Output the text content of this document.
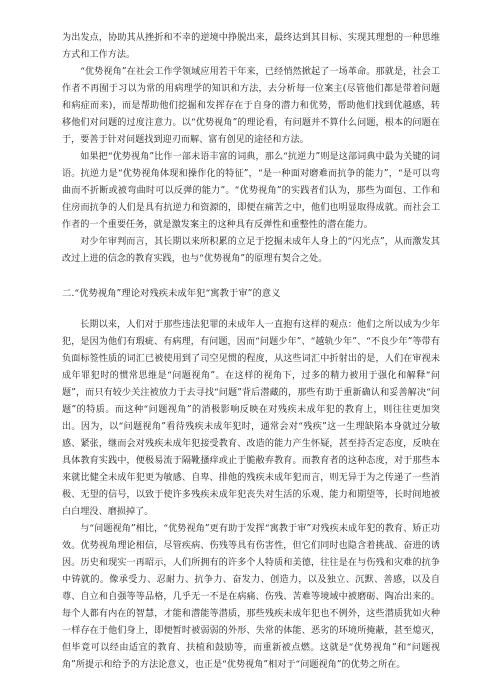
为出发点，协助其从挫折和不幸的逆境中挣脱出来，最终达到其目标、实现其理想的一种思维方式和工作方法。

“优势视角”在社会工作学领域应用若干年来，已经悄然掀起了一场革命。那就是，社会工作者不再囿于习以为常的用病理学的知识和方法，去分析每一位案主(尽管他们都是带着问题和病症而来)，而是帮助他们挖掘和发挥存在于自身的潜力和优势，帮助他们找到优越感，转移他们对问题的过度注意力。以“优势视角”的理论看，有问题并不算什么问题，根本的问题在于，要善于针对问题找到迎刃而解、富有创见的途径和方法。

如果把“优势视角”比作一部未语丰富的词典，那么“抗逆力”则是这部词典中最为关键的词语。抗逆力是“优势视角体现和操作化的特征”，“是一种面对磨难而抗争的能力”，“是可以弯曲而不折断或被弯曲时可以反弹的能力”。“优势视角”的实践者们认为，那些为面包、工作和住房而抗争的人们是具有抗逆力和资源的，即便在痛苦之中，他们也明显取得成就。而社会工作者的一个重要任务，就是激发案主的这种具有反弹性和重整性的潜在能力。

对少年审判而言，其长期以来所积累的立足于挖掘未成年人身上的“闪光点”，从而激发其改过上进的信念的教育实践，也与“优势视角”的原理有契合之处。

二.“优势视角”理论对残疾未成年犯“寓教于审”的意义

长期以来，人们对于那些违法犯罪的未成年人一直抱有这样的观点：他们之所以成为少年犯，是因为他们有瑕疵、有病理，有问题，因而“问题少年”、“越轨少年”、“不良少年”等带有负面标签性质的词汇已被使用到了司空见惯的程度，从这些词汇中折射出的是，人们在审视未成年罪犯时的惯常思维是“问题视角”。在这样的视角下，过多的精力被用于强化和解释“问题”，而只有较少关注被放力于去寻找“问题”背后潜藏的，那些有助于重新确认和妥善解决“问题”的特质。而这种“问题视角”的消极影响反映在对残疾未成年犯的教育上，则往往更加突出。因为，以“问题视角”看待残疾未成年犯时，通常会对“残疾”这一生理缺陷本身就过分敏感、紧张，继而会对残疾未成年犯接受教育、改造的能力产生怀疑，甚至持否定态度，反映在具体教育实践中，便极易流于隔靴搔痒或止于脆敝弃教育。而教育者的这种态度，对于那些本来就比健全未成年犯更为敏感、自卑、排他的残疾未成年犯而言，则无异于为之传递了一些消极、无望的信号，以致于使许多残疾未成年犯丧失对生活的乐观、能力和期望等，长时间地被白白埋没、磨损掉了。

与“问题视角”相比，“优势视角”更有助于发挥“寓教于审”对残疾未成年犯的教育、矫正功效。优势视角理论相信，尽管疾病、伤残等具有伤害性，但它们同时也隐含着挑战、奋进的诱因。历史和现实一再昭示，人们所拥有的许多个人特质和美德，往往是在与伤残和灾难的抗争中铸就的。像承受力、忍耐力、抗争力、奋发力、创造力，以及独立、沉默、善感，以及自尊、自立和自强等等品格，几乎无一不是在病痛、伤残、苦难等境域中被磨砺、陶冶出来的。每个人都有内在的智慧，才能和潜能等潜质，那些残疾未成年犯也不例外，这些潜质犹如火种一样存在于他们身上，即便暂时被弱弱的外形、失常的体能、恶劣的环境所掩蔽，甚至熄灭，但毕竟可以经由适宜的教育、扶植和鼓励等，而重新被点燃。这就是“优势视角”和“问题视角”所提示和给予的方法论意义，也正是“优势视角”相对于“问题视角”的优势之所在。
